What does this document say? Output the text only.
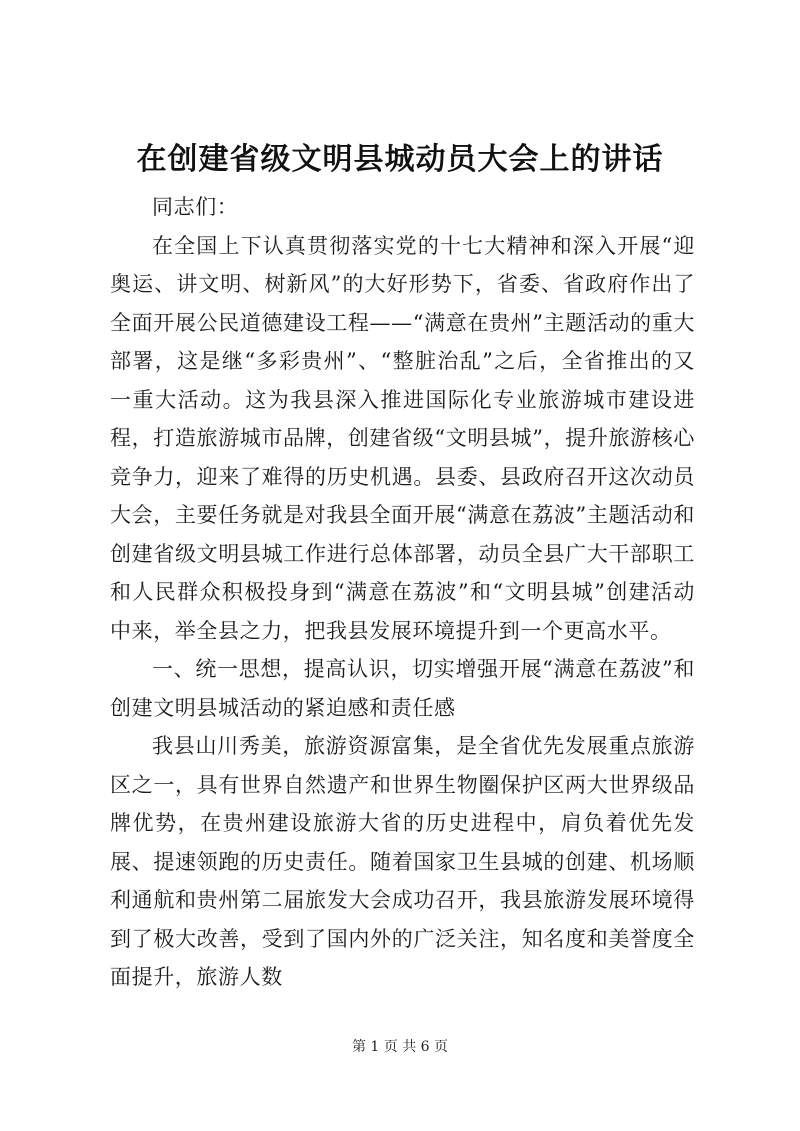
在创建省级文明县城动员大会上的讲话

同志们：

在全国上下认真贯彻落实党的十七大精神和深入开展“迎奥运、讲文明、树新风”的大好形势下，省委、省政府作出了全面开展公民道德建设工程——“满意在贵州”主题活动的重大部署，这是继“多彩贵州”、“整脏治乱”之后，全省推出的又一重大活动。这为我县深入推进国际化专业旅游城市建设进程，打造旅游城市品牌，创建省级“文明县城”，提升旅游核心竞争力，迎来了难得的历史机遇。县委、县政府召开这次动员大会，主要任务就是对我县全面开展“满意在荔波”主题活动和创建省级文明县城工作进行总体部署，动员全县广大干部职工和人民群众积极投身到“满意在荔波”和“文明县城”创建活动中来，举全县之力，把我县发展环境提升到一个更高水平。

一、统一思想，提高认识，切实增强开展“满意在荔波”和创建文明县城活动的紧迫感和责任感

我县山川秀美，旅游资源富集，是全省优先发展重点旅游区之一，具有世界自然遗产和世界生物圈保护区两大世界级品牌优势，在贵州建设旅游大省的历史进程中，肩负着优先发展、提速领跑的历史责任。随着国家卫生县城的创建、机场顺利通航和贵州第二届旅发大会成功召开，我县旅游发展环境得到了极大改善，受到了国内外的广泛关注，知名度和美誉度全面提升，旅游人数

第 1 页 共 6 页
